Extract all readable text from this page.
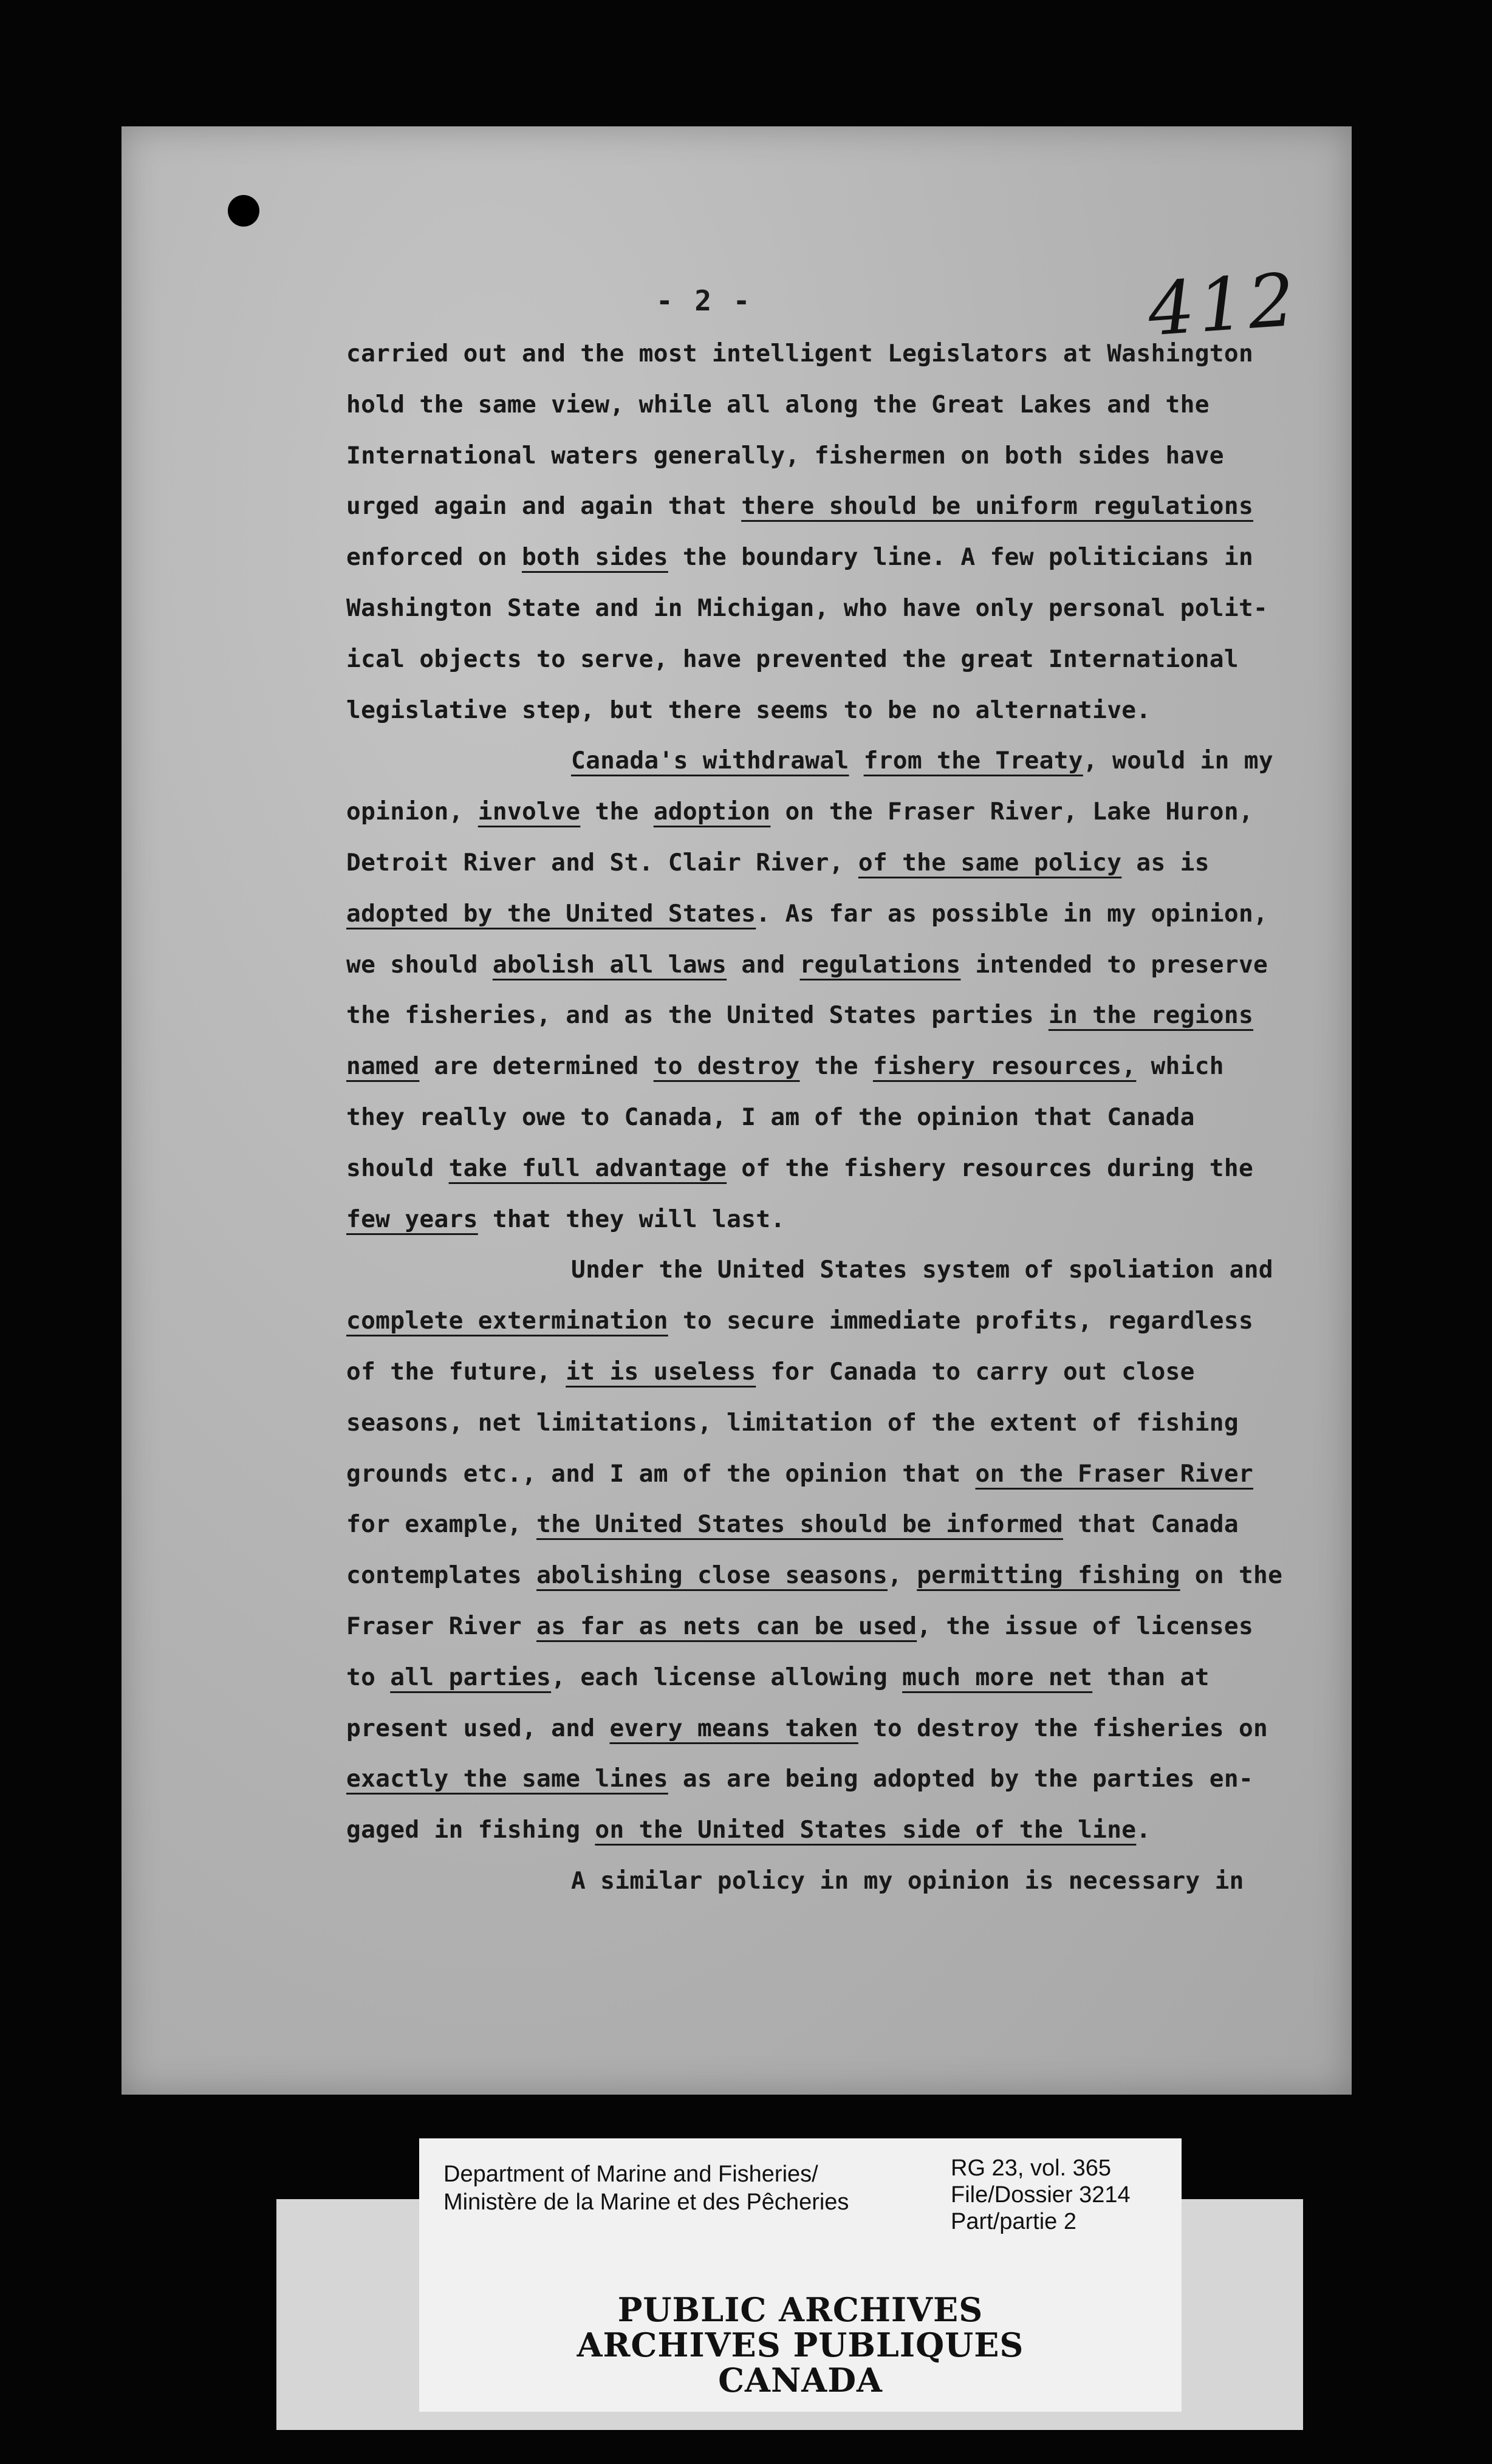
- 2 -	412
carried out and the most intelligent Legislators at Washington
hold the same view, while all along the Great Lakes and the
International waters generally, fishermen on both sides have
urged again and again that there should be uniform regulations
enforced on both sides the boundary line. A few politicians in
Washington State and in Michigan, who have only personal polit-
ical objects to serve, have prevented the great International
legislative step, but there seems to be no alternative.
Canada's withdrawal from the Treaty, would in my
opinion, involve the adoption on the Fraser River, Lake Huron,
Detroit River and St. Clair River, of the same policy as is
adopted by the United States. As far as possible in my opinion,
we should abolish all laws and regulations intended to preserve
the fisheries, and as the United States parties in the regions
named are determined to destroy the fishery resources, which
they really owe to Canada, I am of the opinion that Canada
should take full advantage of the fishery resources during the
few years that they will last.
Under the United States system of spoliation and
complete extermination to secure immediate profits, regardless
of the future, it is useless for Canada to carry out close
seasons, net limitations, limitation of the extent of fishing
grounds etc., and I am of the opinion that on the Fraser River
for example, the United States should be informed that Canada
contemplates abolishing close seasons, permitting fishing on the
Fraser River as far as nets can be used, the issue of licenses
to all parties, each license allowing much more net than at
present used, and every means taken to destroy the fisheries on
exactly the same lines as are being adopted by the parties en-
gaged in fishing on the United States side of the line.
A similar policy in my opinion is necessary in
Department of Marine and Fisheries/
Ministère de la Marine et des Pêcheries
RG 23, vol. 365
File/Dossier 3214
Part/partie 2
PUBLIC ARCHIVES
ARCHIVES PUBLIQUES
CANADA
